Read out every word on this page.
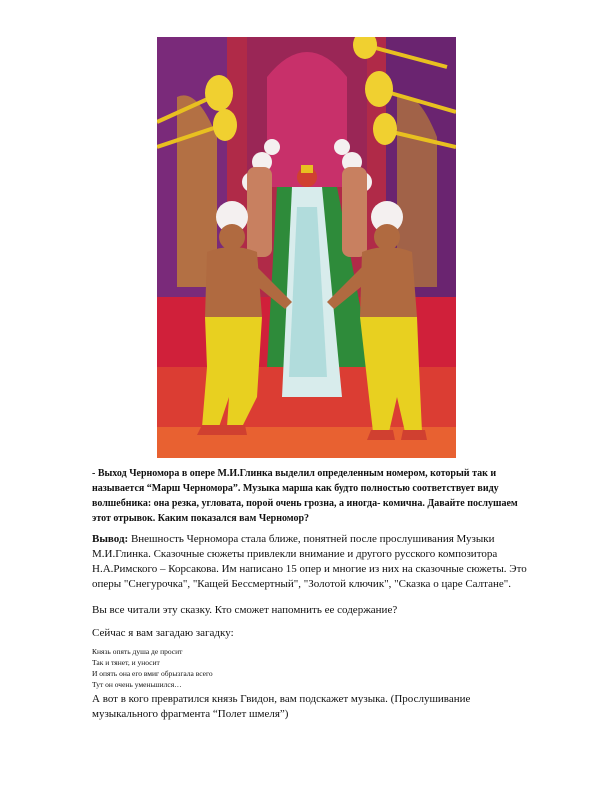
- Выход Черномора в опере М.И.Глинка выделил определенным номером, который так и называется “Марш Черномора”. Музыка марша как будто полностью соответствует виду волшебника: она резка, угловата, порой очень грозна, а иногда- комична. Давайте послушаем этот отрывок. Каким показался вам Черномор?
Вывод: Внешность Черномора стала ближе, понятней после прослушивания Музыки М.И.Глинка. Сказочные сюжеты привлекли внимание и другого русского композитора Н.А.Римского – Корсакова. Им написано 15 опер и многие из них на сказочные сюжеты. Это оперы "Снегурочка", "Кащей Бессмертный", "Золотой ключик", "Сказка о царе Салтане".
Вы все читали эту сказку. Кто сможет напомнить ее содержание?
Сейчас я вам загадаю загадку:
Князь опять душа де просит
Так и тянет, и уносит
И опять она его вмиг обрызгала всего
Тут он очень уменьшился…
А вот в кого превратился князь Гвидон, вам подскажет музыка. (Прослушивание музыкального фрагмента “Полет шмеля”)
